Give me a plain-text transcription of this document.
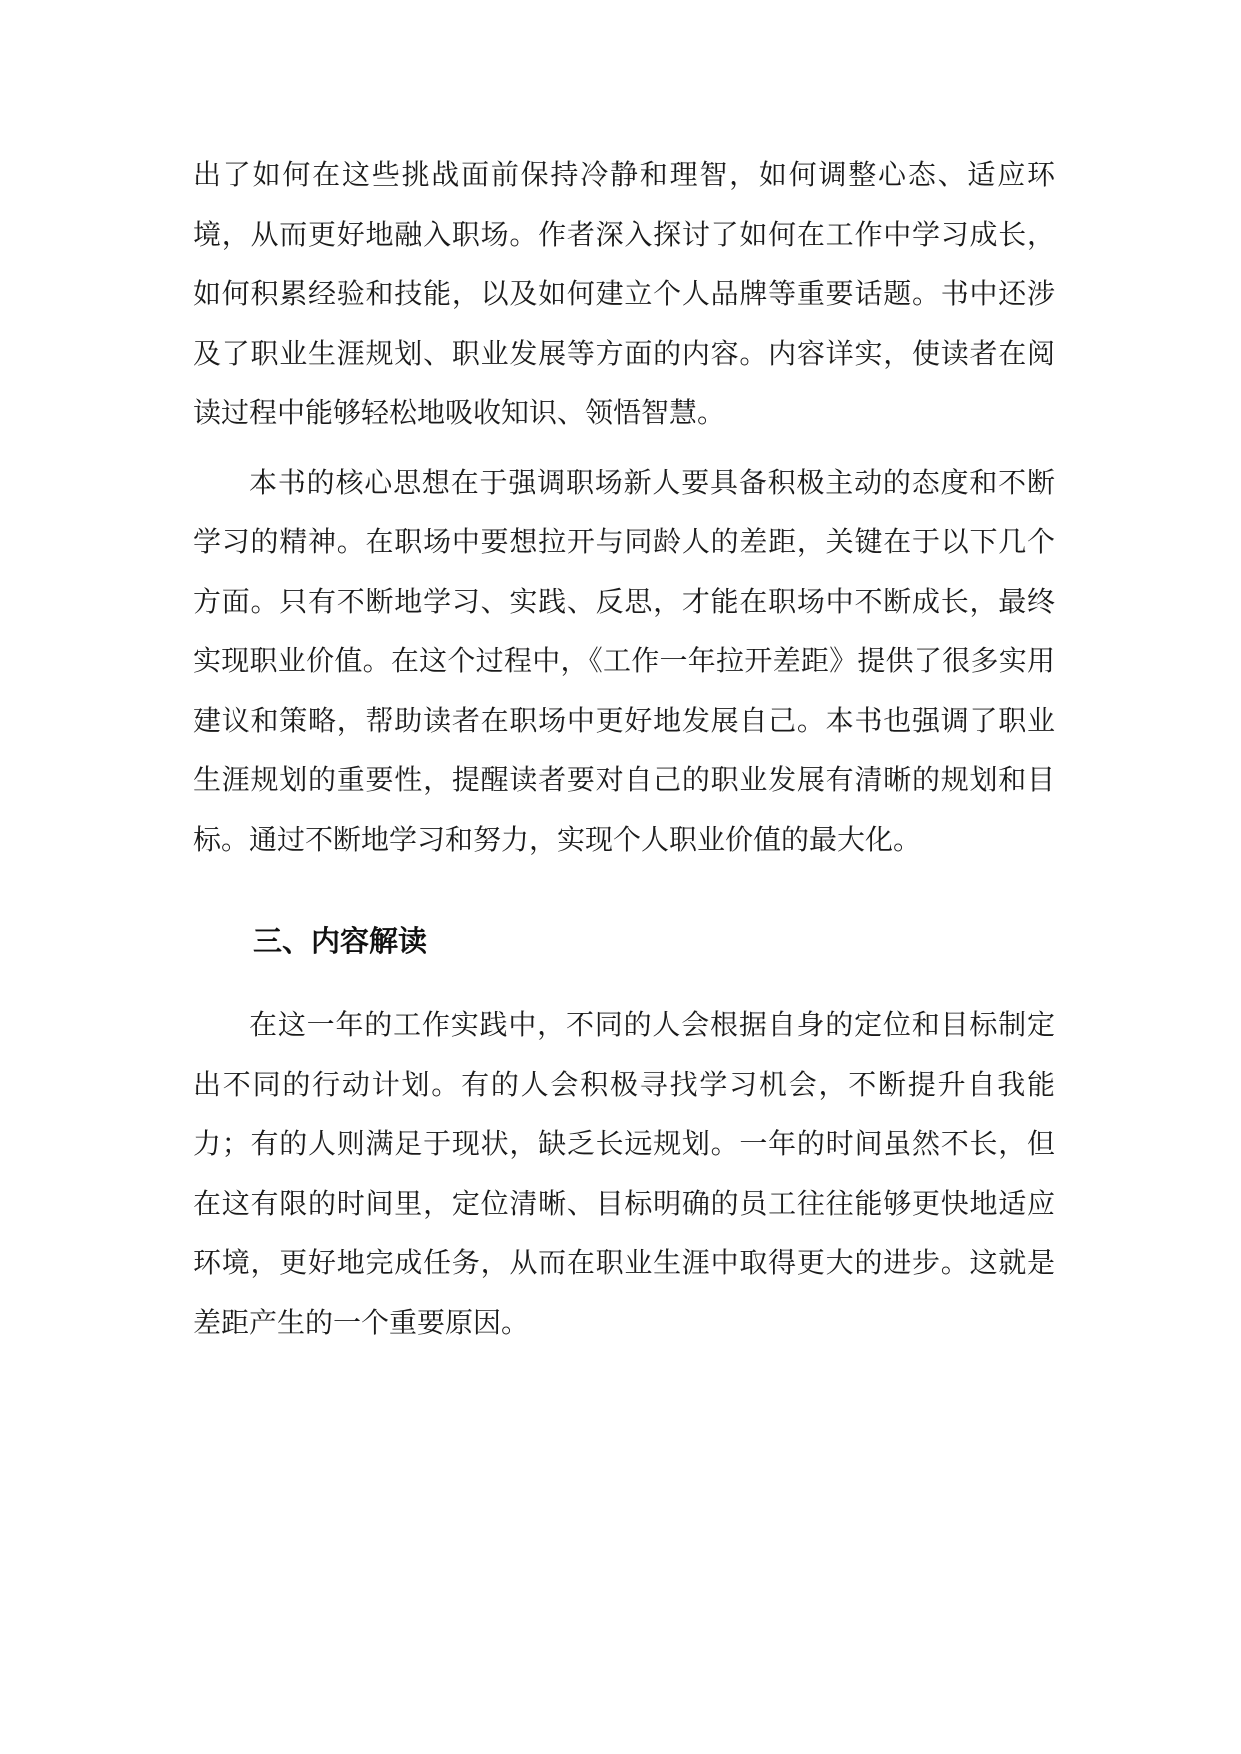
出了如何在这些挑战面前保持冷静和理智，如何调整心态、适应环境，从而更好地融入职场。作者深入探讨了如何在工作中学习成长，如何积累经验和技能，以及如何建立个人品牌等重要话题。书中还涉及了职业生涯规划、职业发展等方面的内容。内容详实，使读者在阅读过程中能够轻松地吸收知识、领悟智慧。

本书的核心思想在于强调职场新人要具备积极主动的态度和不断学习的精神。在职场中要想拉开与同龄人的差距，关键在于以下几个方面。只有不断地学习、实践、反思，才能在职场中不断成长，最终实现职业价值。在这个过程中，《工作一年拉开差距》提供了很多实用建议和策略，帮助读者在职场中更好地发展自己。本书也强调了职业生涯规划的重要性，提醒读者要对自己的职业发展有清晰的规划和目标。通过不断地学习和努力，实现个人职业价值的最大化。

三、内容解读

在这一年的工作实践中，不同的人会根据自身的定位和目标制定出不同的行动计划。有的人会积极寻找学习机会，不断提升自我能力；有的人则满足于现状，缺乏长远规划。一年的时间虽然不长，但在这有限的时间里，定位清晰、目标明确的员工往往能够更快地适应环境，更好地完成任务，从而在职业生涯中取得更大的进步。这就是差距产生的一个重要原因。
